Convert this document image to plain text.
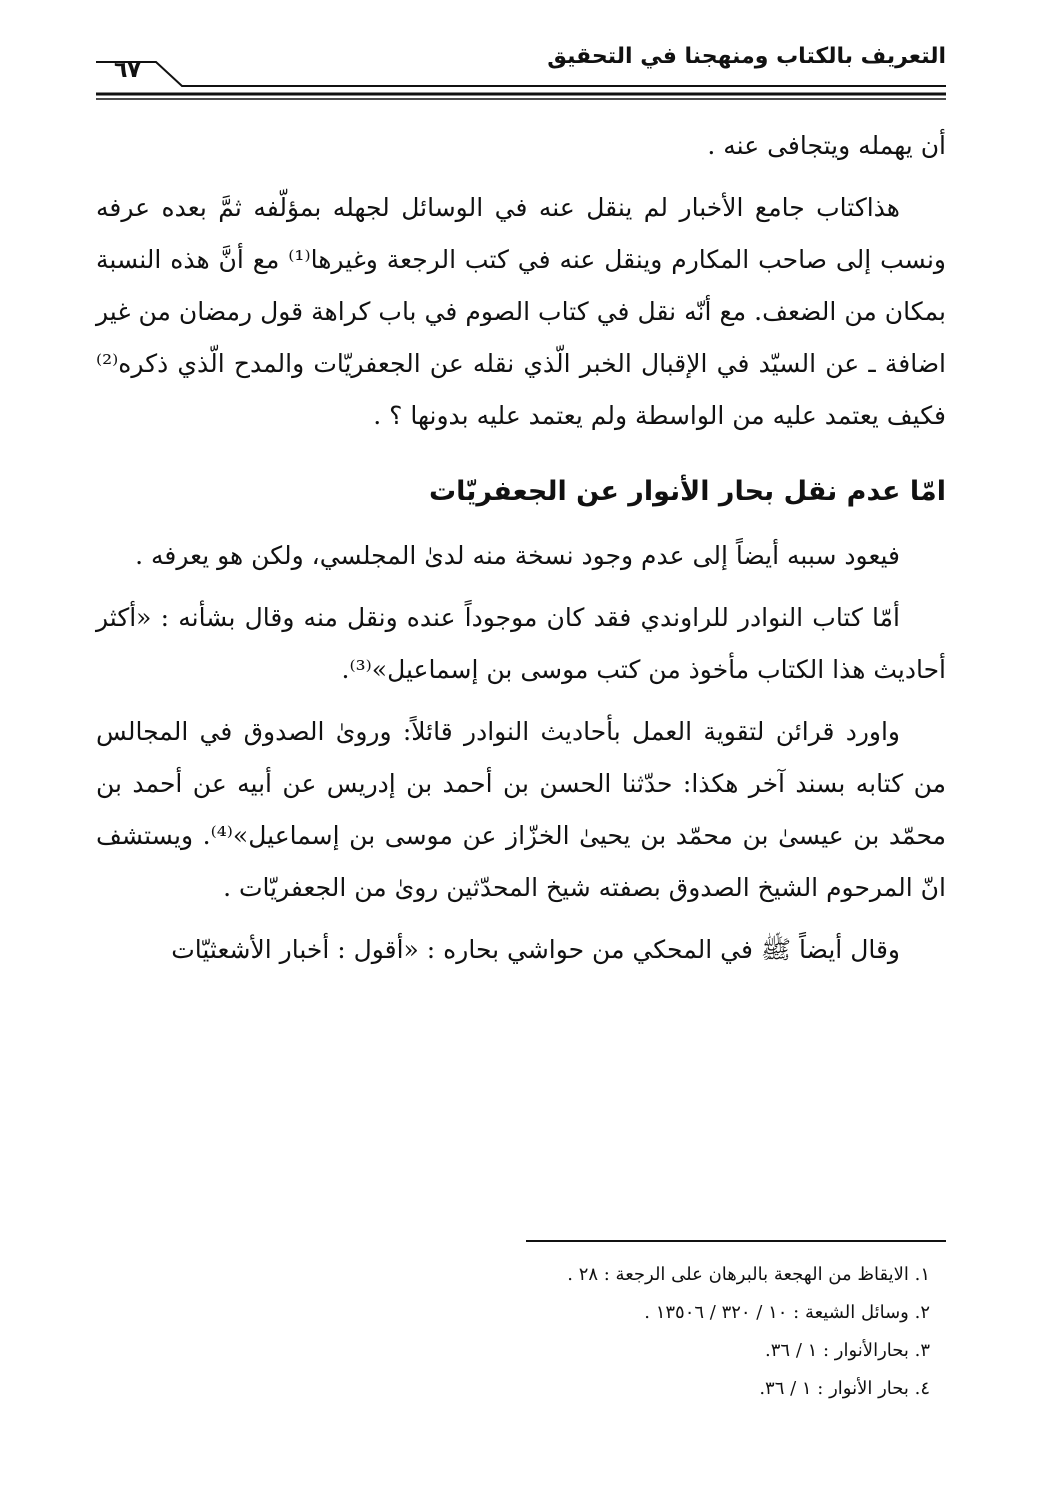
التعريف بالكتاب ومنهجنا في التحقيق
٦٧

أن يهمله ويتجافى عنه .

هذاكتاب جامع الأخبار لم ينقل عنه في الوسائل لجهله بمؤلّفه ثمَّ بعده عرفه ونسب إلى صاحب المكارم وينقل عنه في كتب الرجعة وغيرها⁽¹⁾ مع أنَّ هذه النسبة بمكان من الضعف. مع أنّه نقل في كتاب الصوم في باب كراهة قول رمضان من غير اضافة ـ عن السيّد في الإقبال الخبر الّذي نقله عن الجعفريّات والمدح الّذي ذكره⁽²⁾ فكيف يعتمد عليه من الواسطة ولم يعتمد عليه بدونها ؟ .

امّا عدم نقل بحار الأنوار عن الجعفريّات

فيعود سببه أيضاً إلى عدم وجود نسخة منه لدىٰ المجلسي، ولكن هو يعرفه .

أمّا كتاب النوادر للراوندي فقد كان موجوداً عنده ونقل منه وقال بشأنه : «أكثر أحاديث هذا الكتاب مأخوذ من كتب موسى بن إسماعيل»⁽³⁾.

واورد قرائن لتقوية العمل بأحاديث النوادر قائلاً: وروىٰ الصدوق في المجالس من كتابه بسند آخر هكذا: حدّثنا الحسن بن أحمد بن إدريس عن أبيه عن أحمد بن محمّد بن عيسىٰ بن محمّد بن يحيىٰ الخزّاز عن موسى بن إسماعيل»⁽⁴⁾. ويستشف انّ المرحوم الشيخ الصدوق بصفته شيخ المحدّثين روىٰ من الجعفريّات .

وقال أيضاً ﷺ في المحكي من حواشي بحاره : «أقول : أخبار الأشعثيّات

١. الايقاظ من الهجعة بالبرهان على الرجعة : ٢٨ .
٢. وسائل الشيعة : ١٠ / ٣٢٠ / ١٣٥٠٦ .
٣. بحارالأنوار : ١ / ٣٦.
٤. بحار الأنوار : ١ / ٣٦.
